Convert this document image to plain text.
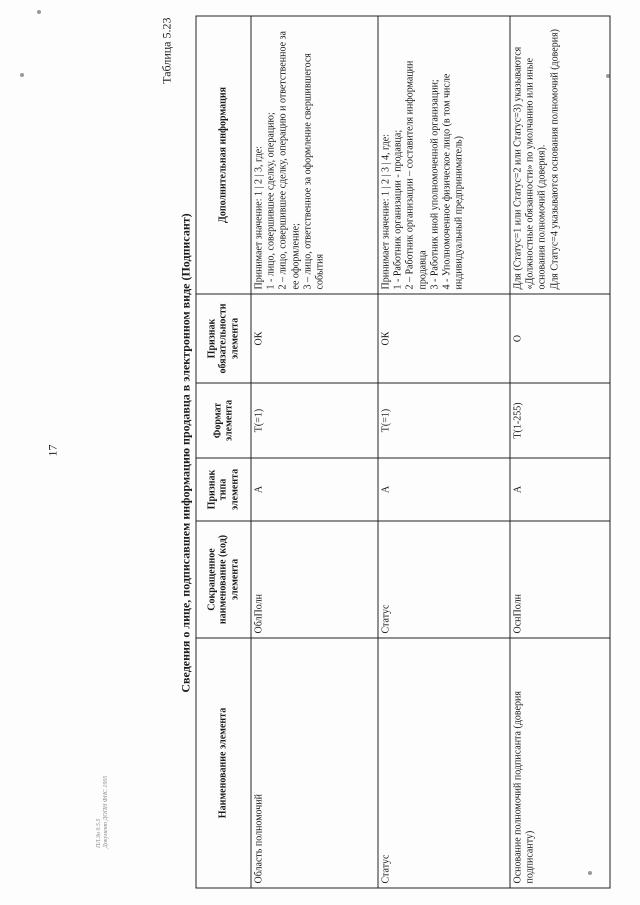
17
ПЛ.Зн 0.5.5 Документ ДОПН ФНС 1905
Таблица 5.23
Сведения о лице, подписавшем информацию продавца в электронном виде (Подписант)
Наименование элемента	Сокращенное наименование (код) элемента	Признак типа элемента	Формат элемента	Признак обязательности элемента	Дополнительная информация
Область полномочий	ОблПолн	А	T(=1)	ОК	Принимает значение: 1 | 2 | 3, где: 1 - лицо, совершившее сделку, операцию; 2 – лицо, совершившее сделку, операцию и ответственное за ее оформление; 3 – лицо, ответственное за оформление свершившегося события

Статус	Статус	А	T(=1)	ОК	Принимает значение: 1 | 2 | 3 | 4, где: 1 - Работник организации - продавца; 2 – Работник организации – составителя информации продавца 3 - Работник иной уполномоченной организации; 4 - Уполномоченное физическое лицо (в том числе индивидуальный предприниматель)

Основание полномочий подписанта (доверия подписанту)	ОснПолн	А	T(1-255)	О	Для (Статус=1 или Статус=2 или Статус=3) указываются «Должностные обязанности» по умолчанию или иные основания полномочий (доверия). Для Статус=4 указываются основания полномочий (доверия)
